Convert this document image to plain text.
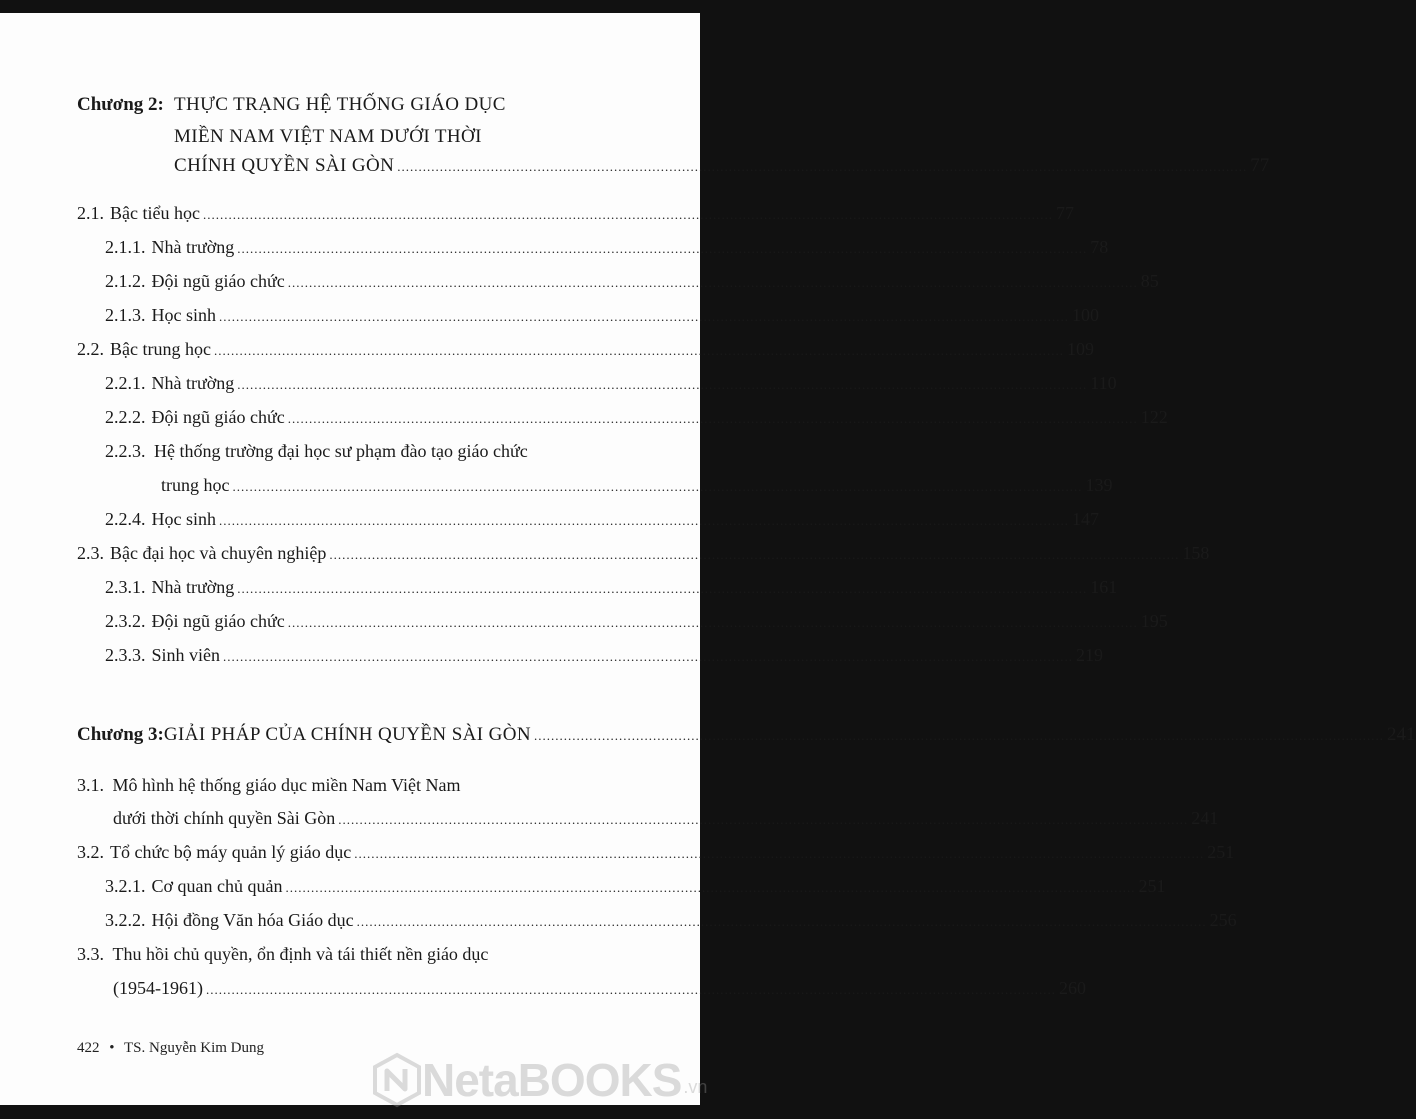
Chương 2: THỰC TRẠNG HỆ THỐNG GIÁO DỤC
MIỀN NAM VIỆT NAM DƯỚI THỜI
CHÍNH QUYỀN SÀI GÒN .....	77
2.1. Bậc tiểu học .....	77
2.1.1. Nhà trường .....	78
2.1.2. Đội ngũ giáo chức .....	85
2.1.3. Học sinh .....	100
2.2. Bậc trung học .....	109
2.2.1. Nhà trường .....	110
2.2.2. Đội ngũ giáo chức .....	122
2.2.3. Hệ thống trường đại học sư phạm đào tạo giáo chức
trung học .....	139
2.2.4. Học sinh .....	147
2.3. Bậc đại học và chuyên nghiệp .....	158
2.3.1. Nhà trường .....	161
2.3.2. Đội ngũ giáo chức .....	195
2.3.3. Sinh viên .....	219
Chương 3: GIẢI PHÁP CỦA CHÍNH QUYỀN SÀI GÒN .....	241
3.1. Mô hình hệ thống giáo dục miền Nam Việt Nam
dưới thời chính quyền Sài Gòn .....	241
3.2. Tổ chức bộ máy quản lý giáo dục .....	251
3.2.1. Cơ quan chủ quản .....	251
3.2.2. Hội đồng Văn hóa Giáo dục .....	256
3.3. Thu hồi chủ quyền, ổn định và tái thiết nền giáo dục
(1954-1961) .....	260
422 • TS. Nguyễn Kim Dung
NetaBOOKS .vn
